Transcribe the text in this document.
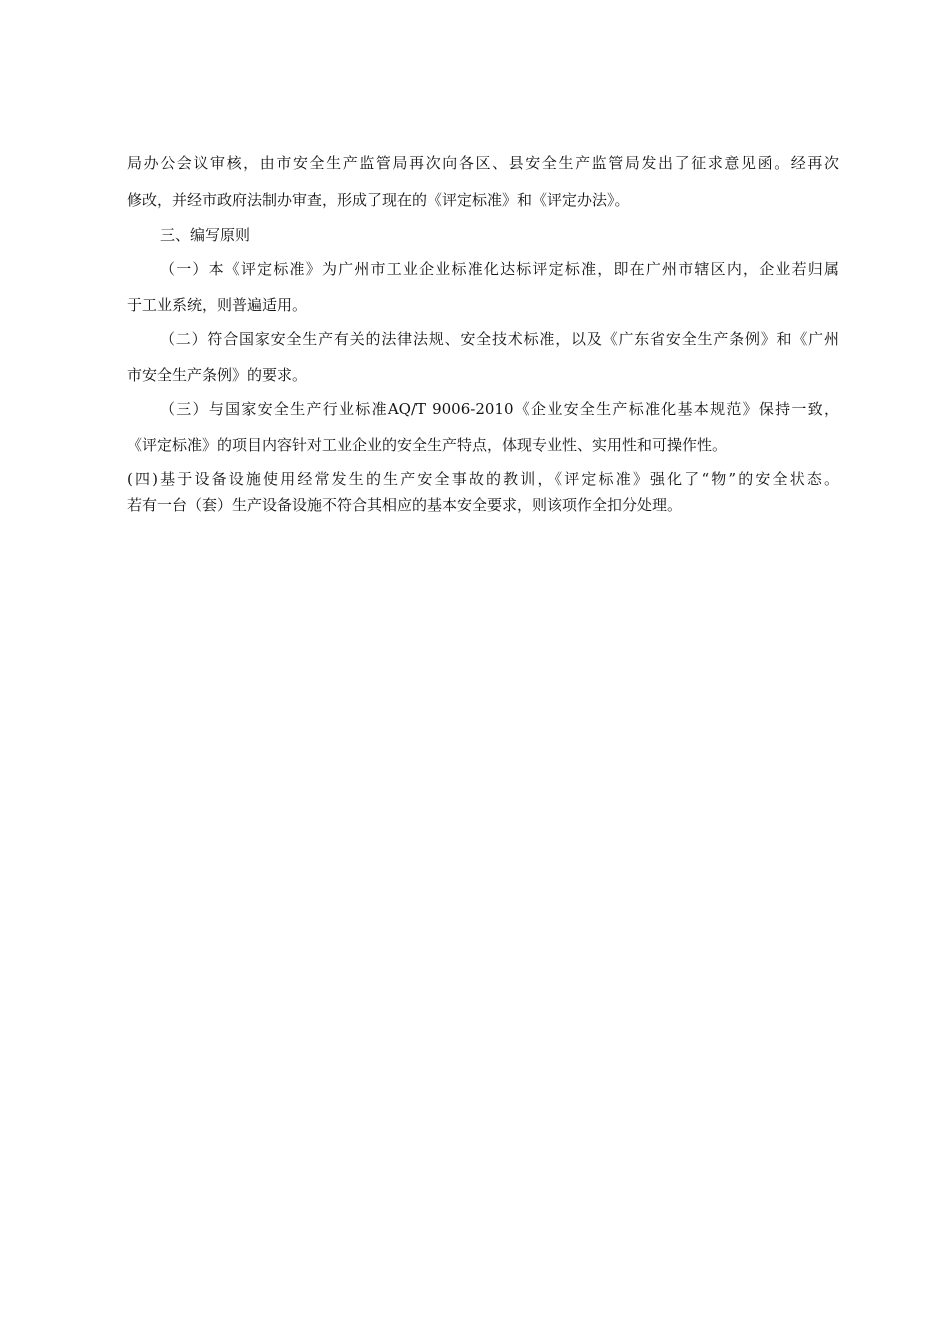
局办公会议审核，由市安全生产监管局再次向各区、县安全生产监管局发出了征求意见函。经再次

修改，并经市政府法制办审查，形成了现在的《评定标准》和《评定办法》。

三、编写原则

（一）本《评定标准》为广州市工业企业标准化达标评定标准，即在广州市辖区内，企业若归属

于工业系统，则普遍适用。

（二）符合国家安全生产有关的法律法规、安全技术标准，以及《广东省安全生产条例》和《广州

市安全生产条例》的要求。

（三）与国家安全生产行业标准AQ/T 9006-2010《企业安全生产标准化基本规范》保持一致，

《评定标准》的项目内容针对工业企业的安全生产特点，体现专业性、实用性和可操作性。

(四)基于设备设施使用经常发生的生产安全事故的教训，《评定标准》强化了“物”的安全状态。

若有一台（套）生产设备设施不符合其相应的基本安全要求，则该项作全扣分处理。
